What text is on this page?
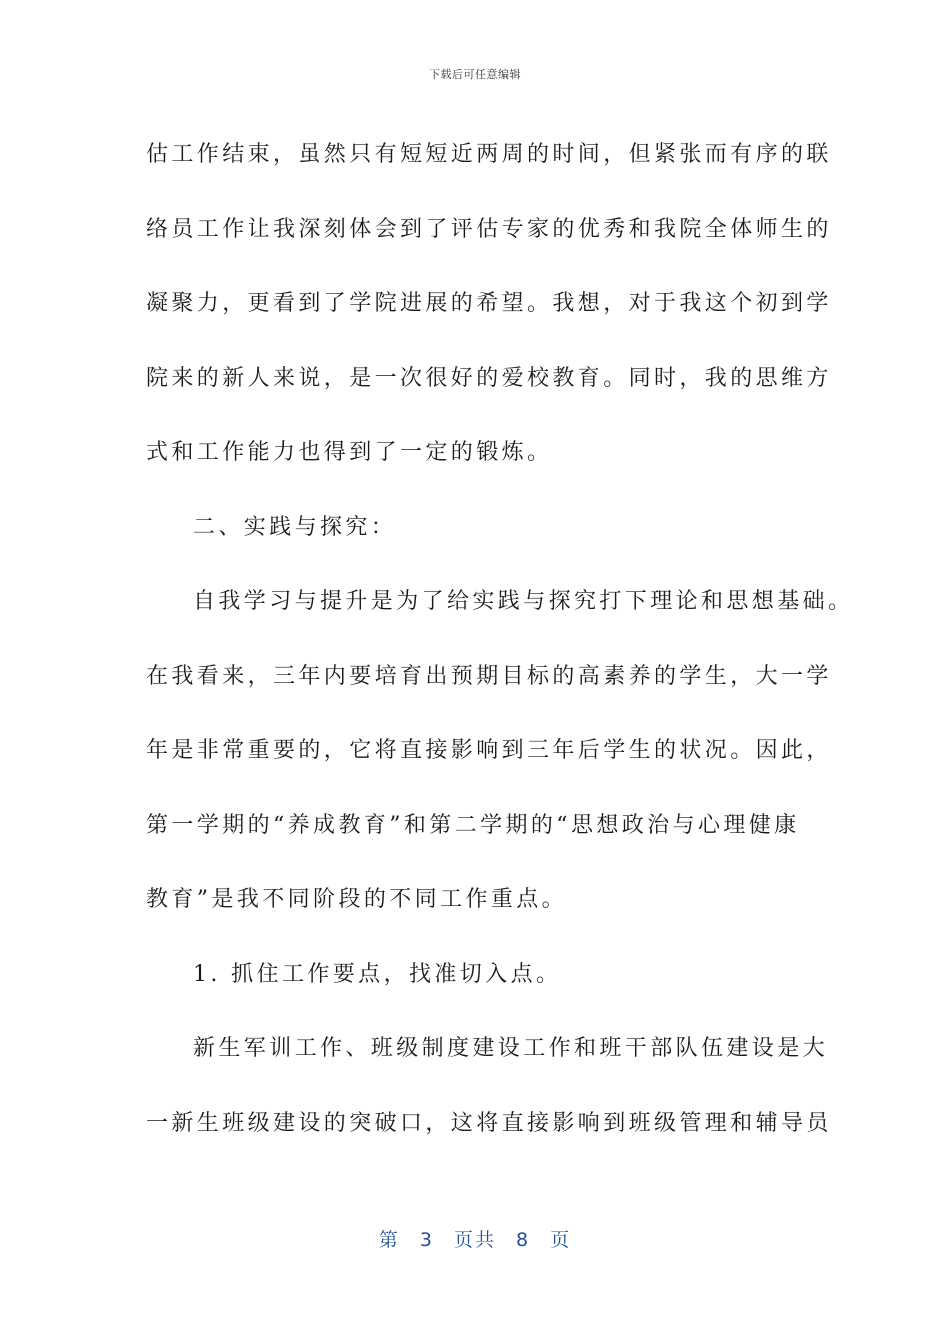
下载后可任意编辑
估工作结束，虽然只有短短近两周的时间，但紧张而有序的联
络员工作让我深刻体会到了评估专家的优秀和我院全体师生的
凝聚力，更看到了学院进展的希望。我想，对于我这个初到学
院来的新人来说，是一次很好的爱校教育。同时，我的思维方
式和工作能力也得到了一定的锻炼。
二、实践与探究：
自我学习与提升是为了给实践与探究打下理论和思想基础。
在我看来，三年内要培育出预期目标的高素养的学生，大一学
年是非常重要的，它将直接影响到三年后学生的状况。因此，
第一学期的“养成教育”和第二学期的“思想政治与心理健康
教育”是我不同阶段的不同工作重点。
1. 抓住工作要点，找准切入点。
新生军训工作、班级制度建设工作和班干部队伍建设是大
一新生班级建设的突破口，这将直接影响到班级管理和辅导员
第 3 页共 8 页
